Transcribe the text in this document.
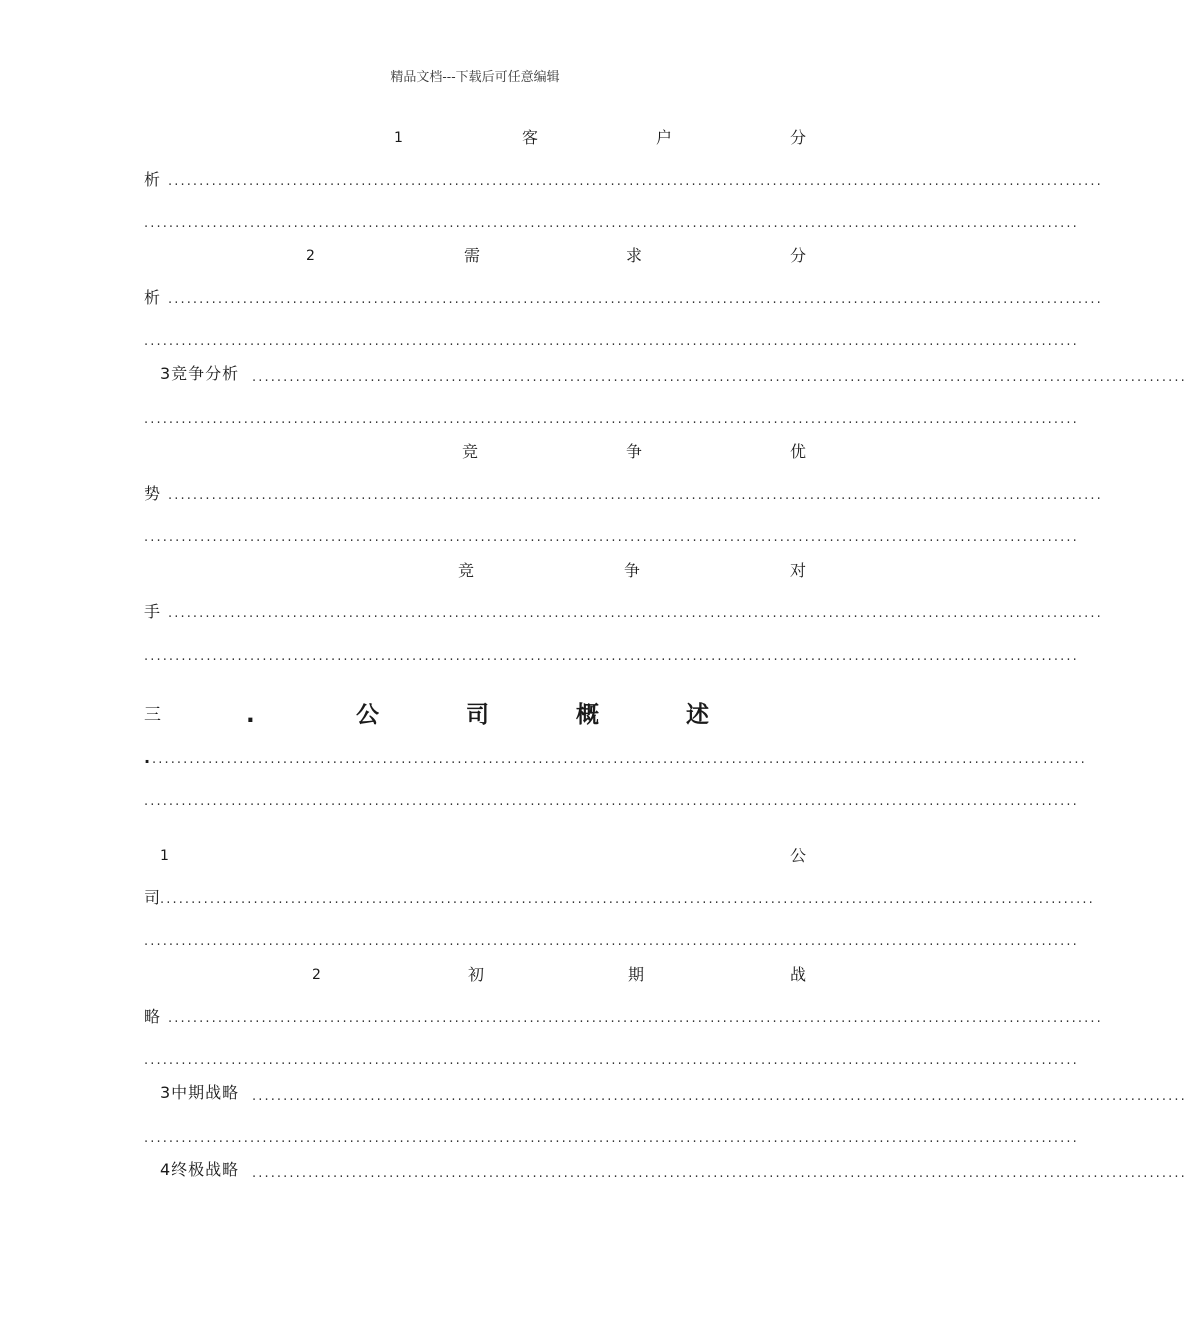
精品文档---下载后可任意编辑
1	客	户	分
析 ......................................................................................................................................................
......................................................................................................................................................
2	需	求	分
析 ......................................................................................................................................................
......................................................................................................................................................
3竞争分析 ......................................................................................................................................................
......................................................................................................................................................
竞	争	优
势 ......................................................................................................................................................
......................................................................................................................................................
竞	争	对
手 ......................................................................................................................................................
......................................................................................................................................................
三	.	公	司	概	述
. ......................................................................................................................................................
......................................................................................................................................................
1	公
司 ......................................................................................................................................................
......................................................................................................................................................
2	初	期	战
略 ......................................................................................................................................................
......................................................................................................................................................
3中期战略 ......................................................................................................................................................
......................................................................................................................................................
4终极战略 ......................................................................................................................................................
